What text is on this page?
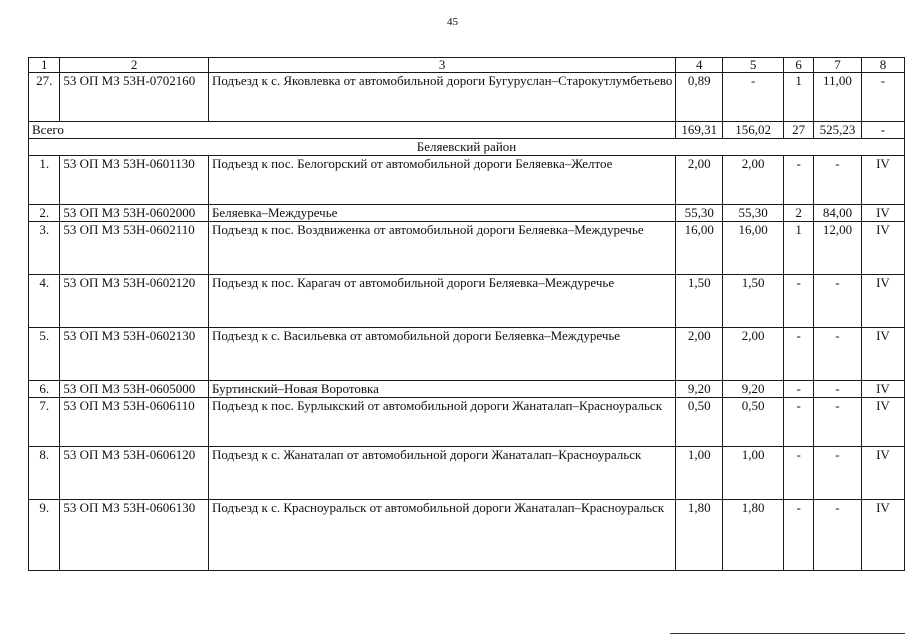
45
1	2	3	4	5	6	7	8
27.	53 ОП МЗ 53Н-0702160	Подъезд к с. Яковлевка от автомобильной дороги Бугуруслан–Старокутлумбетьево	0,89	-	1	11,00	-
Всего			169,31	156,02	27	525,23	-
Беляевский район							
1.	53 ОП МЗ 53Н-0601130	Подъезд к пос. Белогорский от автомобильной дороги Беляевка–Желтое	2,00	2,00	-	-	IV
2.	53 ОП МЗ 53Н-0602000	Беляевка–Междуречье	55,30	55,30	2	84,00	IV
3.	53 ОП МЗ 53Н-0602110	Подъезд к пос. Воздвиженка от автомобильной дороги Беляевка–Междуречье	16,00	16,00	1	12,00	IV
4.	53 ОП МЗ 53Н-0602120	Подъезд к пос. Карагач от автомобильной дороги Беляевка–Междуречье	1,50	1,50	-	-	IV
5.	53 ОП МЗ 53Н-0602130	Подъезд к с. Васильевка от автомобильной дороги Беляевка–Междуречье	2,00	2,00	-	-	IV
6.	53 ОП МЗ 53Н-0605000	Буртинский–Новая Воротовка	9,20	9,20	-	-	IV
7.	53 ОП МЗ 53Н-0606110	Подъезд к пос. Бурлыкский от автомобильной дороги Жанаталап–Красноуральск	0,50	0,50	-	-	IV
8.	53 ОП МЗ 53Н-0606120	Подъезд к с. Жанаталап от автомобильной дороги Жанаталап–Красноуральск	1,00	1,00	-	-	IV
9.	53 ОП МЗ 53Н-0606130	Подъезд к с. Красноуральск от автомобильной дороги Жанаталап–Красноуральск	1,80	1,80	-	-	IV
